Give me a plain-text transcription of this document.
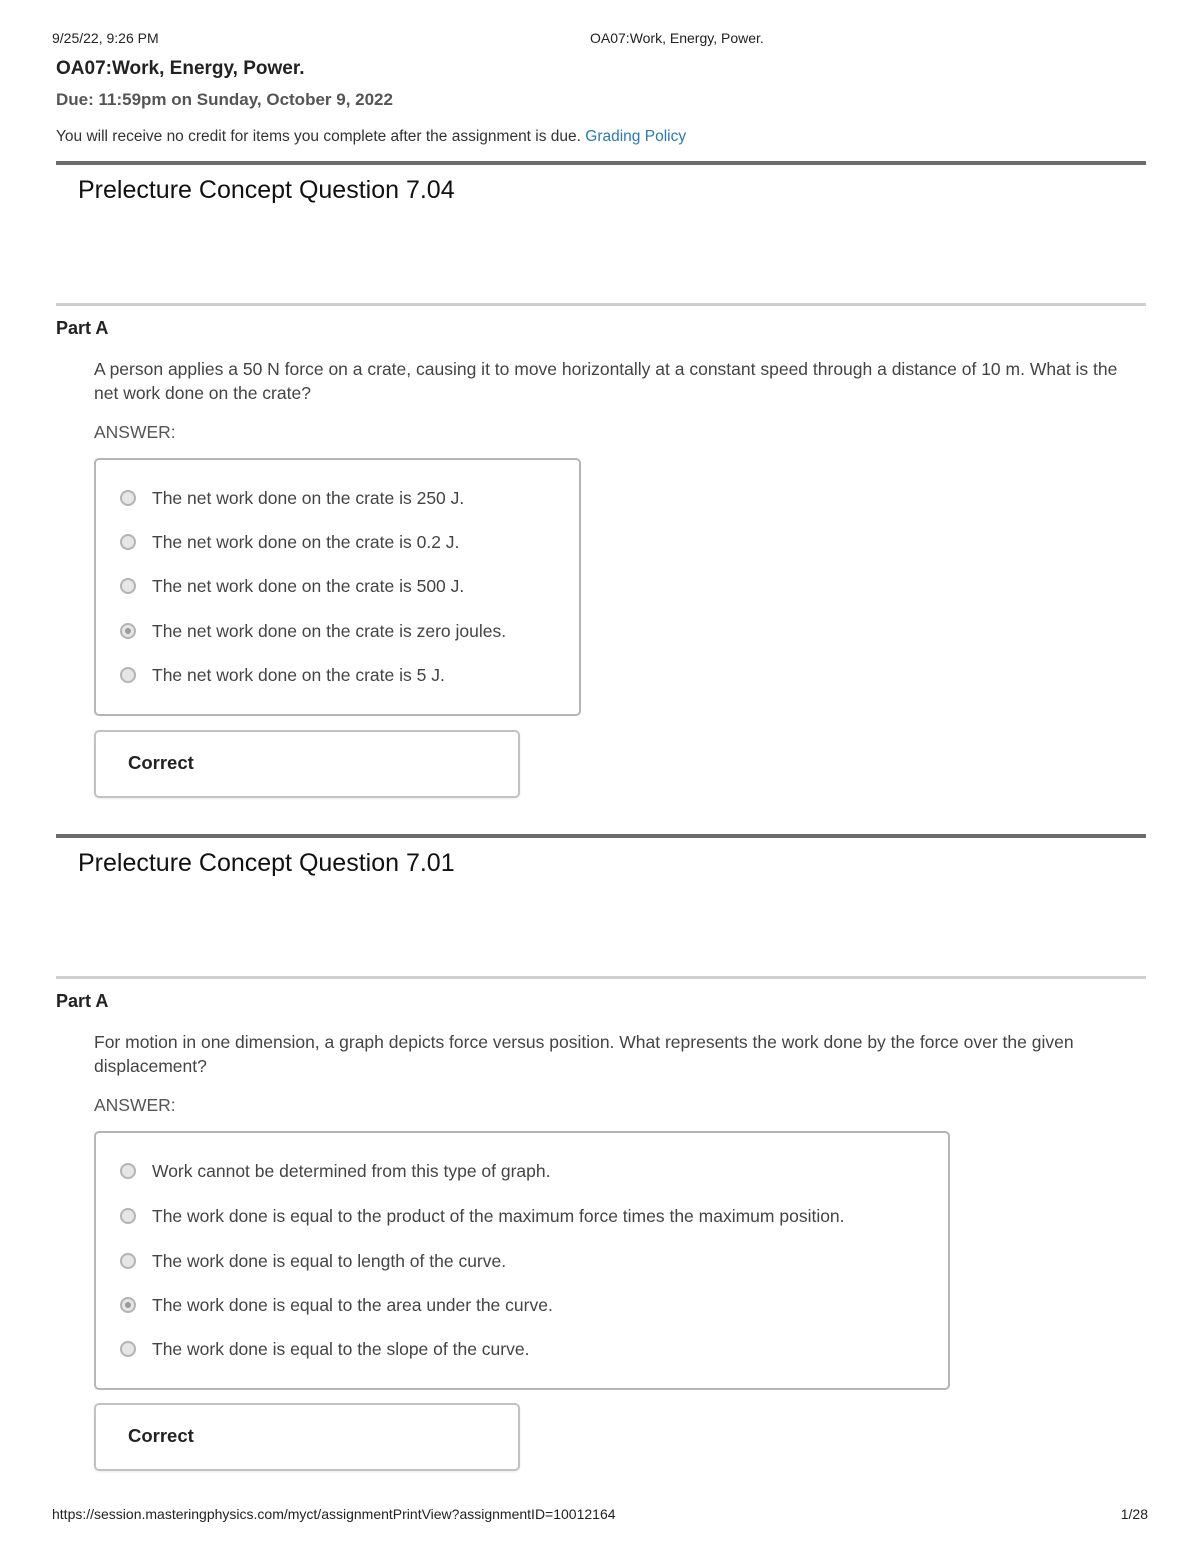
9/25/22, 9:26 PM	OA07:Work, Energy, Power.
OA07:Work, Energy, Power.
Due: 11:59pm on Sunday, October 9, 2022
You will receive no credit for items you complete after the assignment is due. Grading Policy
Prelecture Concept Question 7.04
Part A
A person applies a 50 N force on a crate, causing it to move horizontally at a constant speed through a distance of 10 m. What is the net work done on the crate?
ANSWER:
The net work done on the crate is 250 J.
The net work done on the crate is 0.2 J.
The net work done on the crate is 500 J.
The net work done on the crate is zero joules.
The net work done on the crate is 5 J.
Correct
Prelecture Concept Question 7.01
Part A
For motion in one dimension, a graph depicts force versus position. What represents the work done by the force over the given displacement?
ANSWER:
Work cannot be determined from this type of graph.
The work done is equal to the product of the maximum force times the maximum position.
The work done is equal to length of the curve.
The work done is equal to the area under the curve.
The work done is equal to the slope of the curve.
Correct
https://session.masteringphysics.com/myct/assignmentPrintView?assignmentID=10012164	1/28
